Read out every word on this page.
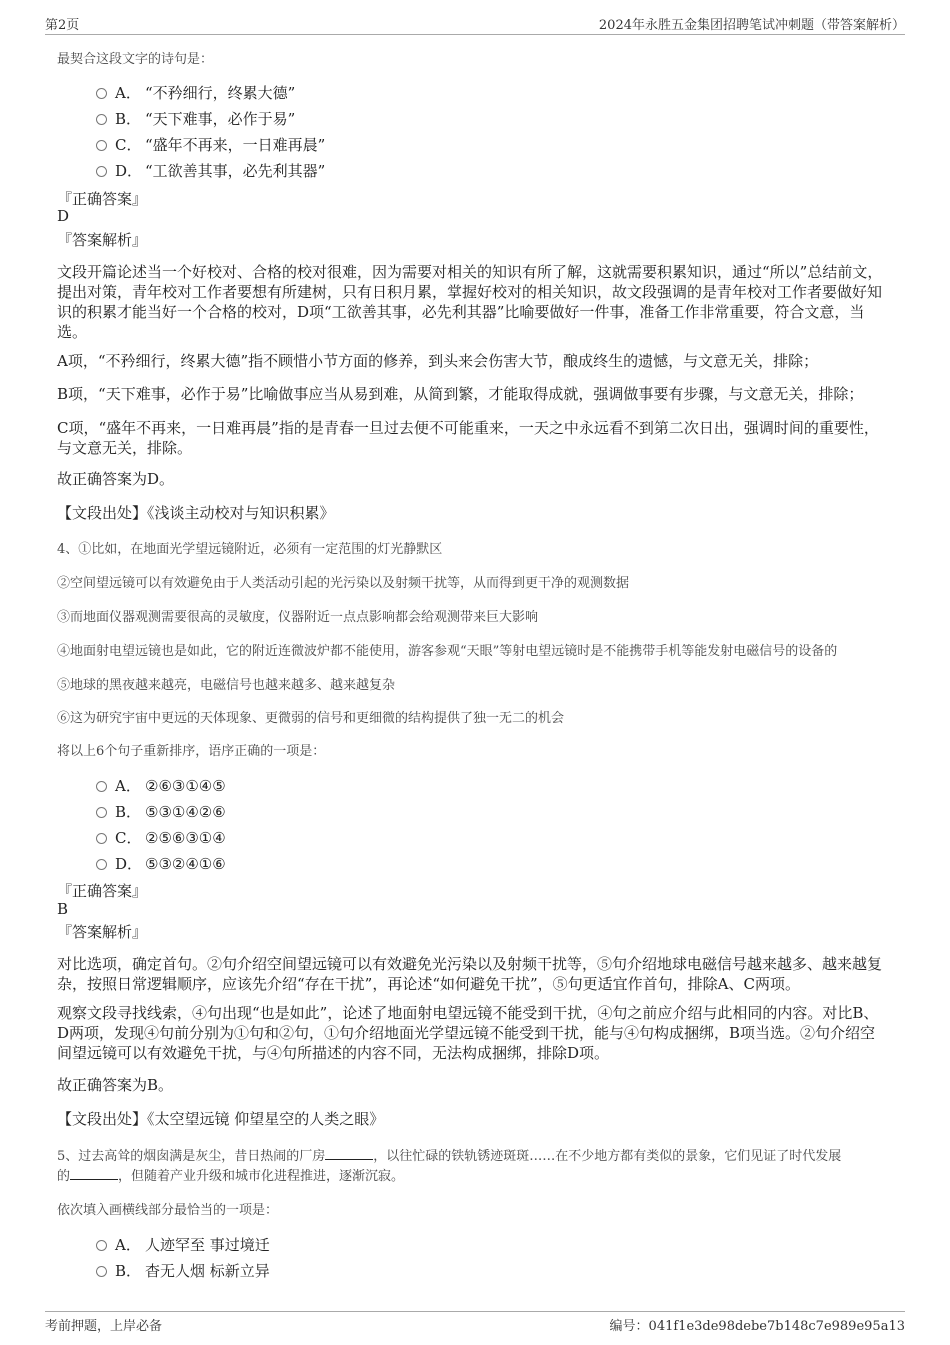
第2页	2024年永胜五金集团招聘笔试冲刺题（带答案解析）
最契合这段文字的诗句是：
A． “不矜细行，终累大德”
B． “天下难事，必作于易”
C． “盛年不再来，一日难再晨”
D． “工欲善其事，必先利其器”
『正确答案』
D
『答案解析』
文段开篇论述当一个好校对、合格的校对很难，因为需要对相关的知识有所了解，这就需要积累知识，通过“所以”总结前文，提出对策，青年校对工作者要想有所建树，只有日积月累，掌握好校对的相关知识，故文段强调的是青年校对工作者要做好知识的积累才能当好一个合格的校对，D项“工欲善其事，必先利其器”比喻要做好一件事，准备工作非常重要，符合文意，当选。
A项，“不矜细行，终累大德”指不顾惜小节方面的修养，到头来会伤害大节，酿成终生的遗憾，与文意无关，排除；
B项，“天下难事，必作于易”比喻做事应当从易到难，从简到繁，才能取得成就，强调做事要有步骤，与文意无关，排除；
C项，“盛年不再来，一日难再晨”指的是青春一旦过去便不可能重来，一天之中永远看不到第二次日出，强调时间的重要性，与文意无关，排除。
故正确答案为D。
【文段出处】《浅谈主动校对与知识积累》
4、①比如，在地面光学望远镜附近，必须有一定范围的灯光静默区
②空间望远镜可以有效避免由于人类活动引起的光污染以及射频干扰等，从而得到更干净的观测数据
③而地面仪器观测需要很高的灵敏度，仪器附近一点点影响都会给观测带来巨大影响
④地面射电望远镜也是如此，它的附近连微波炉都不能使用，游客参观“天眼”等射电望远镜时是不能携带手机等能发射电磁信号的设备的
⑤地球的黑夜越来越亮，电磁信号也越来越多、越来越复杂
⑥这为研究宇宙中更远的天体现象、更微弱的信号和更细微的结构提供了独一无二的机会
将以上6个句子重新排序，语序正确的一项是：
A． ②⑥③①④⑤
B． ⑤③①④②⑥
C． ②⑤⑥③①④
D． ⑤③②④①⑥
『正确答案』
B
『答案解析』
对比选项，确定首句。②句介绍空间望远镜可以有效避免光污染以及射频干扰等，⑤句介绍地球电磁信号越来越多、越来越复杂，按照日常逻辑顺序，应该先介绍“存在干扰”，再论述“如何避免干扰”，⑤句更适宜作首句，排除A、C两项。
观察文段寻找线索，④句出现“也是如此”，论述了地面射电望远镜不能受到干扰，④句之前应介绍与此相同的内容。对比B、D两项，发现④句前分别为①句和②句，①句介绍地面光学望远镜不能受到干扰，能与④句构成捆绑，B项当选。②句介绍空间望远镜可以有效避免干扰，与④句所描述的内容不同，无法构成捆绑，排除D项。
故正确答案为B。
【文段出处】《太空望远镜 仰望星空的人类之眼》
5、过去高耸的烟囱满是灰尘，昔日热闹的厂房	，以往忙碌的铁轨锈迹斑斑……在不少地方都有类似的景象，它们见证了时代发展
的	，但随着产业升级和城市化进程推进，逐渐沉寂。
依次填入画横线部分最恰当的一项是：
A． 人迹罕至 事过境迁
B． 杳无人烟 标新立异
考前押题，上岸必备	编号：041f1e3de98debe7b148c7e989e95a13
